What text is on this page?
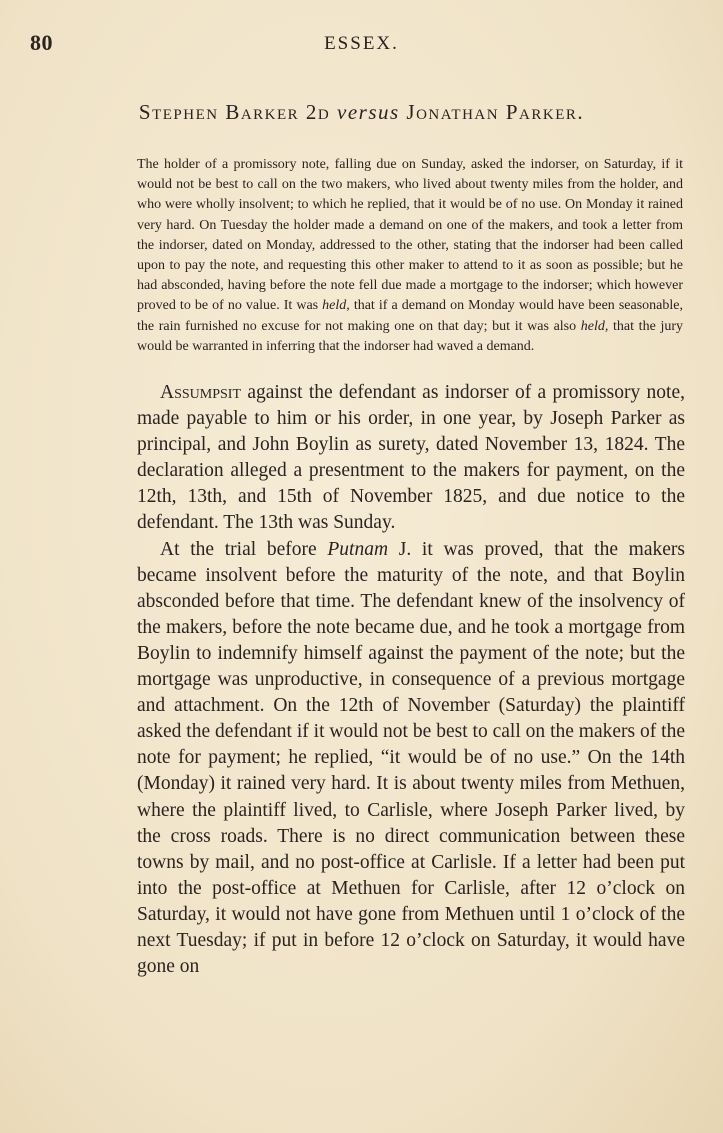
80	ESSEX.
Stephen Barker 2d versus Jonathan Parker.

The holder of a promissory note, falling due on Sunday, asked the indorser, on Saturday, if it would not be best to call on the two makers, who lived about twenty miles from the holder, and who were wholly insolvent; to which he replied, that it would be of no use. On Monday it rained very hard. On Tuesday the holder made a demand on one of the makers, and took a letter from the indorser, dated on Monday, addressed to the other, stating that the indorser had been called upon to pay the note, and requesting this other maker to attend to it as soon as possible; but he had absconded, having before the note fell due made a mortgage to the indorser; which however proved to be of no value. It was held, that if a demand on Monday would have been seasonable, the rain furnished no excuse for not making one on that day; but it was also held, that the jury would be warranted in inferring that the indorser had waved a demand.

Assumpsit against the defendant as indorser of a promissory note, made payable to him or his order, in one year, by Joseph Parker as principal, and John Boylin as surety, dated November 13, 1824. The declaration alleged a presentment to the makers for payment, on the 12th, 13th, and 15th of November 1825, and due notice to the defendant. The 13th was Sunday.

At the trial before Putnam J. it was proved, that the makers became insolvent before the maturity of the note, and that Boylin absconded before that time. The defendant knew of the insolvency of the makers, before the note became due, and he took a mortgage from Boylin to indemnify himself against the payment of the note; but the mortgage was unproductive, in consequence of a previous mortgage and attachment. On the 12th of November (Saturday) the plaintiff asked the defendant if it would not be best to call on the makers of the note for payment; he replied, “it would be of no use.” On the 14th (Monday) it rained very hard. It is about twenty miles from Methuen, where the plaintiff lived, to Carlisle, where Joseph Parker lived, by the cross roads. There is no direct communication between these towns by mail, and no post-office at Carlisle. If a letter had been put into the post-office at Methuen for Carlisle, after 12 o’clock on Saturday, it would not have gone from Methuen until 1 o’clock of the next Tuesday; if put in before 12 o’clock on Saturday, it would have gone on
